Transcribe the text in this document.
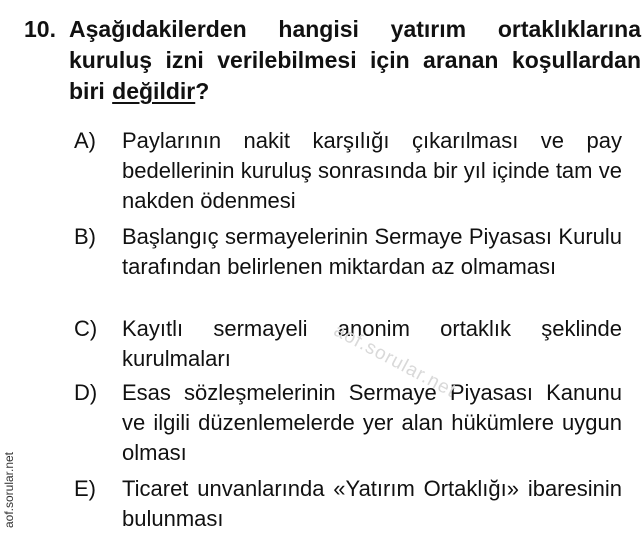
10. Aşağıdakilerden hangisi yatırım ortaklıklarına kuruluş izni verilebilmesi için aranan koşullardan biri değildir?
A) Paylarının nakit karşılığı çıkarılması ve pay bedellerinin kuruluş sonrasında bir yıl içinde tam ve nakden ödenmesi
B) Başlangıç sermayelerinin Sermaye Piyasası Kurulu tarafından belirlenen miktardan az olmaması
C) Kayıtlı sermayeli anonim ortaklık şeklinde kurulmaları
D) Esas sözleşmelerinin Sermaye Piyasası Kanunu ve ilgili düzenlemelerde yer alan hükümlere uygun olması
E) Ticaret unvanlarında «Yatırım Ortaklığı» ibaresinin bulunması
aof.sorular.net
aof.sorular.net
